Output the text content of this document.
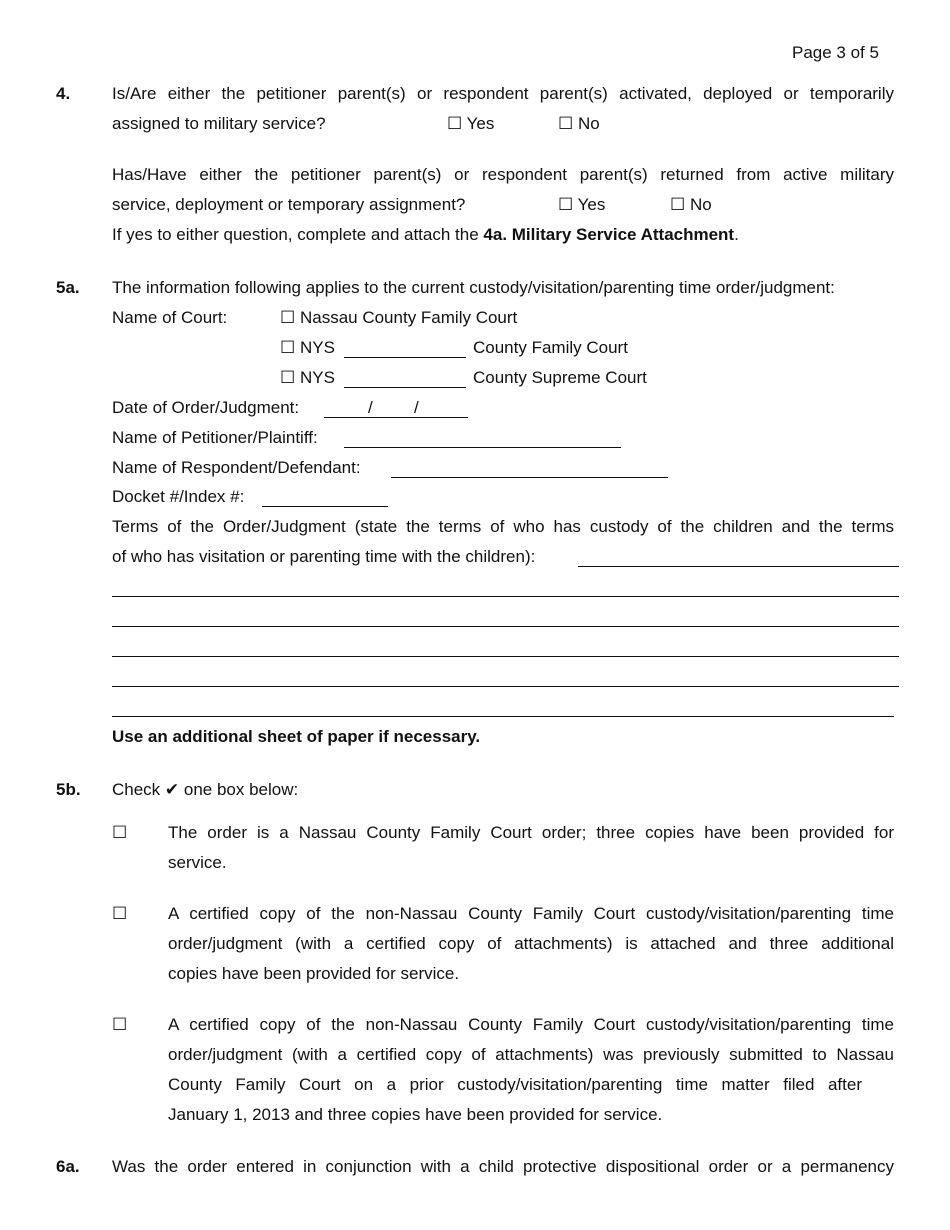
Page 3 of 5
4. Is/Are either the petitioner parent(s) or respondent parent(s) activated, deployed or temporarily
assigned to military service?	☐ Yes	☐ No
Has/Have either the petitioner parent(s) or respondent parent(s) returned from active military
service, deployment or temporary assignment?	☐ Yes	☐ No
If yes to either question, complete and attach the 4a. Military Service Attachment.
5a. The information following applies to the current custody/visitation/parenting time order/judgment:
Name of Court:	☐ Nassau County Family Court
☐ NYS	County Family Court
☐ NYS	County Supreme Court
Date of Order/Judgment:	/ /
Name of Petitioner/Plaintiff:
Name of Respondent/Defendant:
Docket #/Index #:
Terms of the Order/Judgment (state the terms of who has custody of the children and the terms
of who has visitation or parenting time with the children):
Use an additional sheet of paper if necessary.
5b. Check ✔ one box below:
☐ The order is a Nassau County Family Court order; three copies have been provided for
service.
☐ A certified copy of the non-Nassau County Family Court custody/visitation/parenting time
order/judgment (with a certified copy of attachments) is attached and three additional
copies have been provided for service.
☐ A certified copy of the non-Nassau County Family Court custody/visitation/parenting time
order/judgment (with a certified copy of attachments) was previously submitted to Nassau
County Family Court on a prior custody/visitation/parenting time matter filed after
January 1, 2013 and three copies have been provided for service.
6a. Was the order entered in conjunction with a child protective dispositional order or a permanency
